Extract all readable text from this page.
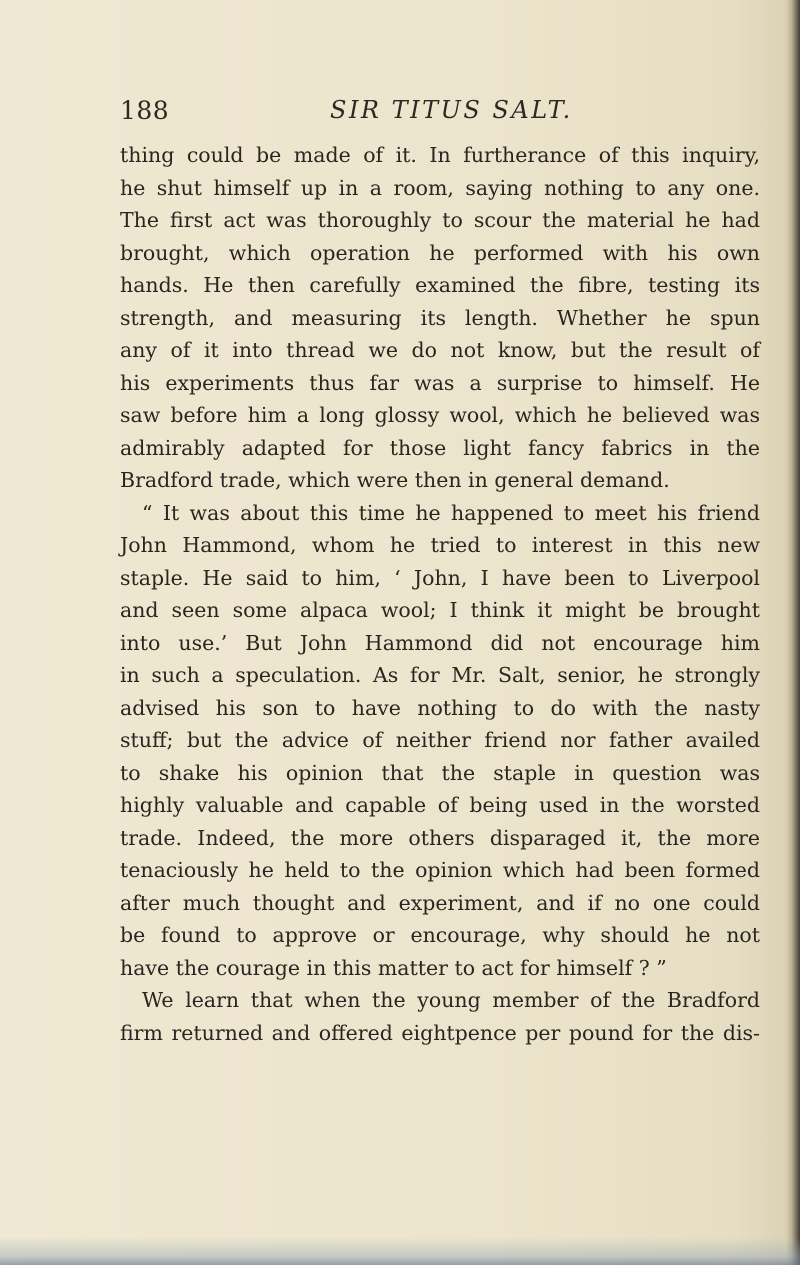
188	SIR TITUS SALT.
thing could be made of it. In furtherance of this inquiry,
he shut himself up in a room, saying nothing to any one.
The first act was thoroughly to scour the material he had
brought, which operation he performed with his own
hands. He then carefully examined the fibre, testing its
strength, and measuring its length. Whether he spun
any of it into thread we do not know, but the result of
his experiments thus far was a surprise to himself. He
saw before him a long glossy wool, which he believed was
admirably adapted for those light fancy fabrics in the
Bradford trade, which were then in general demand.
“ It was about this time he happened to meet his friend
John Hammond, whom he tried to interest in this new
staple. He said to him, ‘ John, I have been to Liverpool
and seen some alpaca wool; I think it might be brought
into use.’ But John Hammond did not encourage him
in such a speculation. As for Mr. Salt, senior, he strongly
advised his son to have nothing to do with the nasty
stuff; but the advice of neither friend nor father availed
to shake his opinion that the staple in question was
highly valuable and capable of being used in the worsted
trade. Indeed, the more others disparaged it, the more
tenaciously he held to the opinion which had been formed
after much thought and experiment, and if no one could
be found to approve or encourage, why should he not
have the courage in this matter to act for himself ? ”
We learn that when the young member of the Bradford
firm returned and offered eightpence per pound for the dis-
